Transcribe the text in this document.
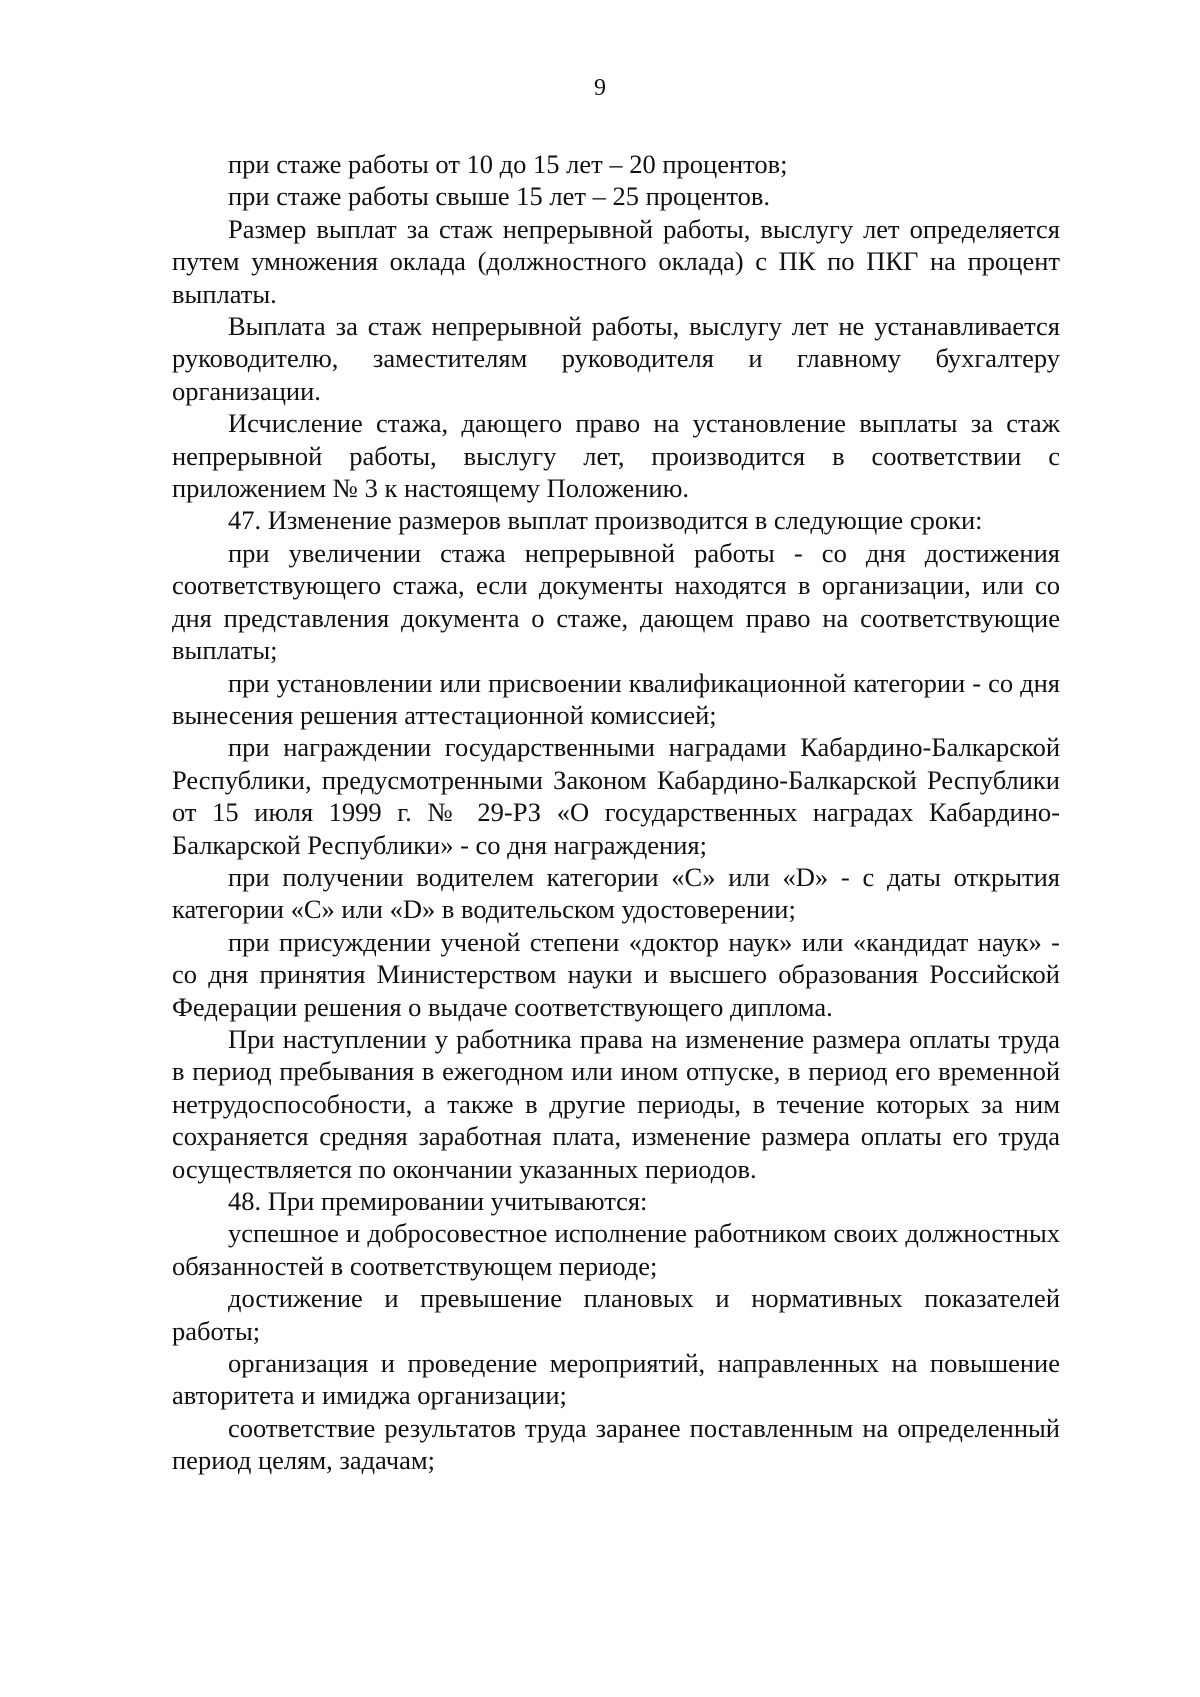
9

при стаже работы от 10 до 15 лет – 20 процентов;

при стаже работы свыше 15 лет – 25 процентов.

Размер выплат за стаж непрерывной работы, выслугу лет определяется путем умножения оклада (должностного оклада) с ПК по ПКГ на процент выплаты.

Выплата за стаж непрерывной работы, выслугу лет не устанавливается руководителю, заместителям руководителя и главному бухгалтеру организации.

Исчисление стажа, дающего право на установление выплаты за стаж непрерывной работы, выслугу лет, производится в соответствии с приложением № 3 к настоящему Положению.

47. Изменение размеров выплат производится в следующие сроки:

при увеличении стажа непрерывной работы - со дня достижения соответствующего стажа, если документы находятся в организации, или со дня представления документа о стаже, дающем право на соответствующие выплаты;

при установлении или присвоении квалификационной категории - со дня вынесения решения аттестационной комиссией;

при награждении государственными наградами Кабардино-Балкарской Республики, предусмотренными Законом Кабардино-Балкарской Республики от 15 июля 1999 г. № 29-РЗ «О государственных наградах Кабардино-Балкарской Республики» - со дня награждения;

при получении водителем категории «С» или «D» - с даты открытия категории «С» или «D» в водительском удостоверении;

при присуждении ученой степени «доктор наук» или «кандидат наук» - со дня принятия Министерством науки и высшего образования Российской Федерации решения о выдаче соответствующего диплома.

При наступлении у работника права на изменение размера оплаты труда в период пребывания в ежегодном или ином отпуске, в период его временной нетрудоспособности, а также в другие периоды, в течение которых за ним сохраняется средняя заработная плата, изменение размера оплаты его труда осуществляется по окончании указанных периодов.

48. При премировании учитываются:

успешное и добросовестное исполнение работником своих должностных обязанностей в соответствующем периоде;

достижение и превышение плановых и нормативных показателей работы;

организация и проведение мероприятий, направленных на повышение авторитета и имиджа организации;

соответствие результатов труда заранее поставленным на определенный период целям, задачам;
